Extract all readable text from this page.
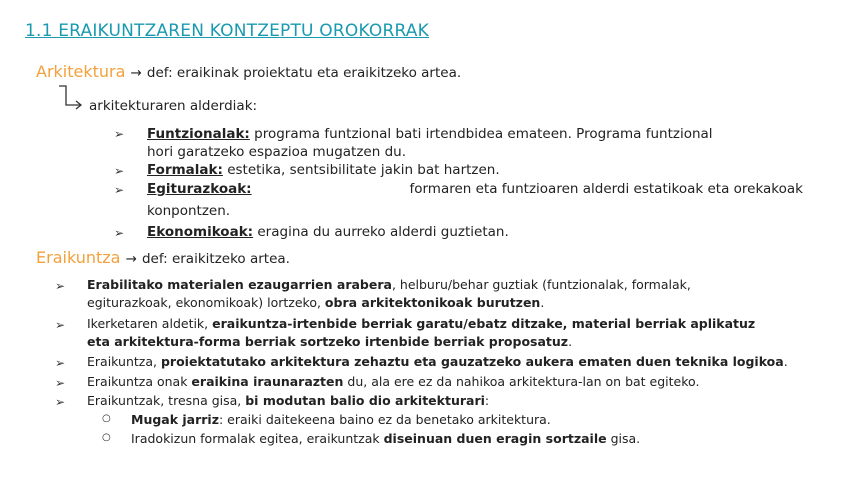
1.1 ERAIKUNTZAREN KONTZEPTU OROKORRAK
Arkitektura → def: eraikinak proiektatu eta eraikitzeko artea.
arkitekturaren alderdiak:
➢ Funtzionalak: programa funtzional bati irtendbidea emateen. Programa funtzional
hori garatzeko espazioa mugatzen du.
➢ Formalak: estetika, sentsibilitate jakin bat hartzen.
➢ Egiturazkoak:	formaren eta funtzioaren alderdi estatikoak eta orekakoak
konpontzen.
➢ Ekonomikoak: eragina du aurreko alderdi guztietan.
Eraikuntza → def: eraikitzeko artea.
➢ Erabilitako materialen ezaugarrien arabera, helburu/behar guztiak (funtzionalak, formalak,
egiturazkoak, ekonomikoak) lortzeko, obra arkitektonikoak burutzen.
➢ Ikerketaren aldetik, eraikuntza-irtenbide berriak garatu/ebatz ditzake, material berriak aplikatuz
eta arkitektura-forma berriak sortzeko irtenbide berriak proposatuz.
➢ Eraikuntza, proiektatutako arkitektura zehaztu eta gauzatzeko aukera ematen duen teknika logikoa.
➢ Eraikuntza onak eraikina iraunarazten du, ala ere ez da nahikoa arkitektura-lan on bat egiteko.
➢ Eraikuntzak, tresna gisa, bi modutan balio dio arkitekturari:
○ Mugak jarriz: eraiki daitekeena baino ez da benetako arkitektura.
○ Iradokizun formalak egitea, eraikuntzak diseinuan duen eragin sortzaile gisa.
